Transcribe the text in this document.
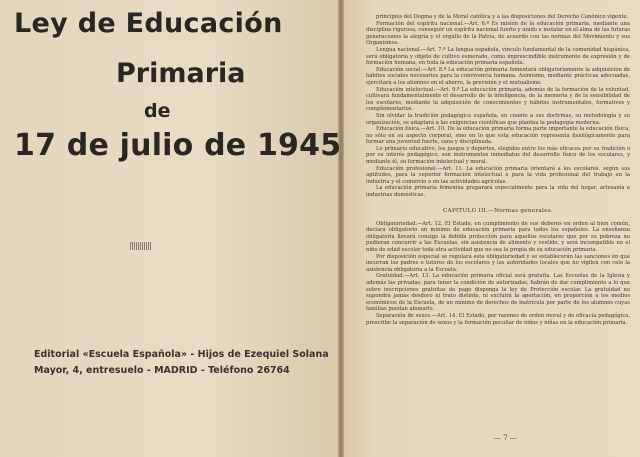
Ley de Educación
Primaria
de
17 de julio de 1945
Editorial «Escuela Española» - Hijos de Ezequiel Solana
Mayor, 4, entresuelo - MADRID - Teléfono 26764

principios del Dogma y de la Moral católica y a las disposiciones del Derecho Canónico vigente.

Formación del espíritu nacional.—Art. 6.º Es misión de la educación primaria, mediante una disciplina rigurosa, conseguir un espíritu nacional fuerte y unido e instalar en el alma de las futuras generaciones la alegría y el orgullo de la Patria, de acuerdo con las normas del Movimiento y sus Organismos.

Lengua nacional.—Art. 7.º La lengua española, vínculo fundamental de la comunidad hispánica, será obligatoria y objeto de cultivo esmerado, como imprescindible instrumento de expresión y de formación humana, en toda la educación primaria española.

Educación social.—Art. 8.º La educación primaria fomentará obligatoriamente la adquisición de hábitos sociales necesarios para la convivencia humana. Asimismo, mediante prácticas adecuadas, ejercitará a los alumnos en el ahorro, la previsión y el mutualismo.

Educación intelectual.—Art. 9.º La educación primaria, además de la formación de la voluntad, cultivará fundamentalmente el desarrollo de la inteligencia, de la memoria y de la sensibilidad de los escolares, mediante la adquisición de conocimientos y hábitos instrumentales, formativos y complementarios.

Sin olvidar la tradición pedagógica española, en cuanto a sus doctrinas, su metodología y su organización, se adaptará a las exigencias científicas que plantea la pedagogía moderna.

Educación física.—Art. 10. De la educación primaria forma parte importante la educación física, no sólo en su aspecto corporal, sino en lo que esta educación representa fisiológicamente para formar una juventud fuerte, sana y disciplinada.

Lo primario educativo, los juegos y deportes, elegidos entre los más eficaces por su tradición o por su interés pedagógico, son instrumentos inmediatos del desarrollo físico de los escolares, y mediante él, su formación intelectual y moral.

Educación profesional.—Art. 11. La educación primaria orientará a los escolares, según sus aptitudes, para la superior formación intelectual o para la vida profesional del trabajo en la industria y el comercio o en las actividades agrícolas.

La educación primaria femenina preparará especialmente para la vida del hogar, artesanía e industrias domésticas.

CAPITULO III.—Normas generales.

Obligatoriedad.—Art. 12. El Estado, en cumplimiento de sus deberes en orden al bien común, declara obligatorio un mínimo de educación primaria para todos los españoles. La enseñanza obligatoria llevará consigo la debida protección para aquellos escolares que por su pobreza no pudieran concurrir a las Escuelas, sin asistencia de alimento y vestido, y será incompatible en el niño de edad escolar toda otra actividad que no sea la propia de su educación primaria.

Por disposición especial se regulará esta obligatoriedad y se establecerán las sanciones en que incurran los padres o tutores de los escolares y las autoridades locales que no vigilen con celo la asistencia obligatoria a la Escuela.

Gratuidad.—Art. 13. La educación primaria oficial será gratuita. Las Escuelas de la Iglesia y además las privadas, para tener la condición de autorizadas, habrán de dar cumplimiento a lo que sobre inscripciones gratuitas de pago disponga la ley de Protección escolar. La gratuidad no supondrá jamás desdoro ni trato distinto, ni excluirá la aportación, en proporción a los medios económicos de la Escuela, de un mínimo de derechos de matrícula por parte de los alumnos cuyas familias puedan abonarlo.

Separación de sexos.—Art. 14. El Estado, por razones de orden moral y de eficacia pedagógica, prescribe la separación de sexos y la formación peculiar de niños y niñas en la educación primaria.

— 7 —
